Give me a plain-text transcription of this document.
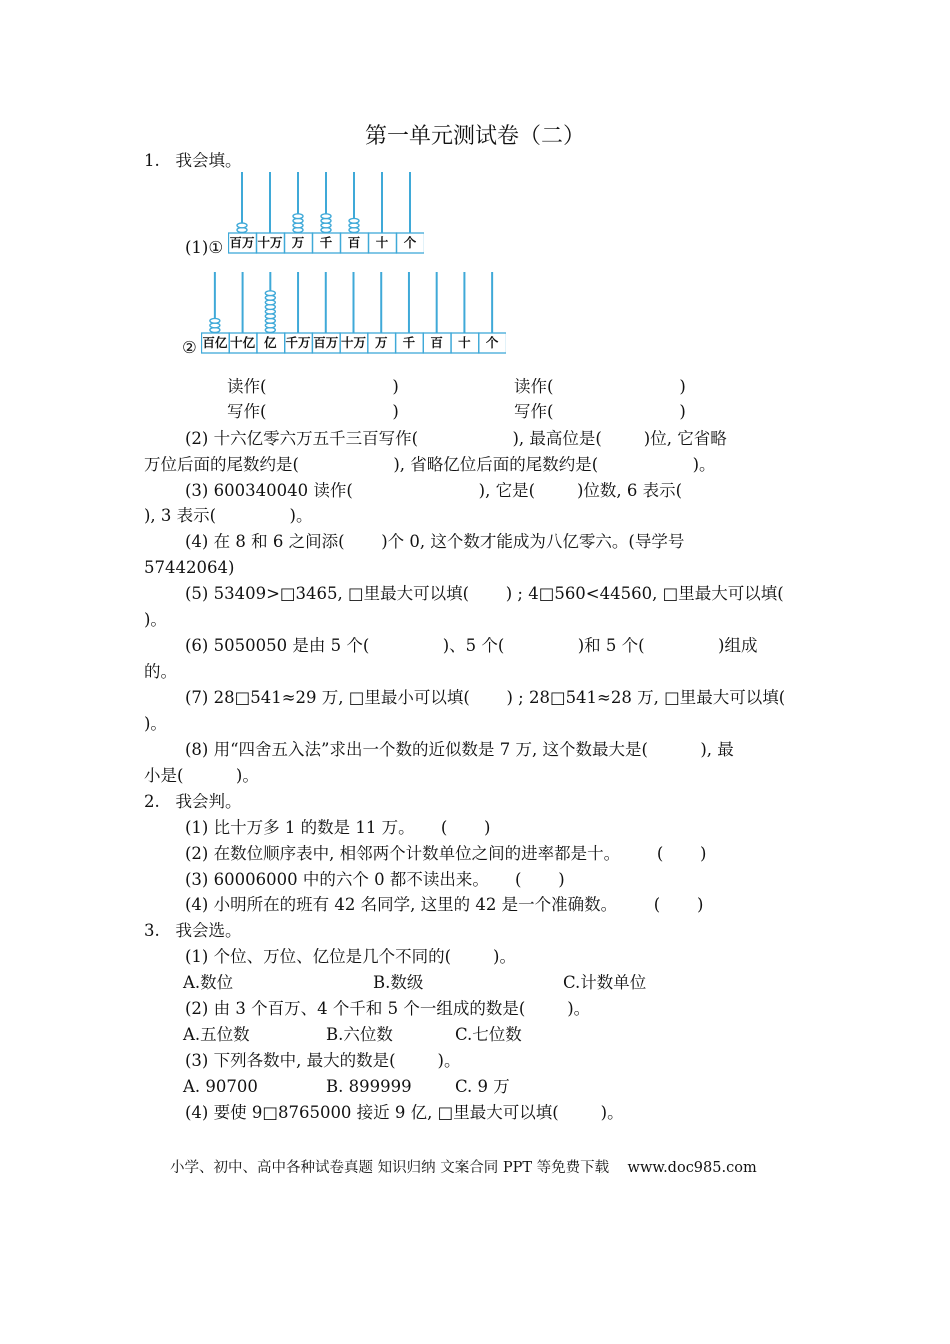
第一单元测试卷（二）
1.   我会填。
(1)①
②
百万 十万 万	千	百	十	个
百亿 十亿 亿 千万 百万 十万 万	千	百	十	个
读作(                        )
写作(                        )
读作(                        )
写作(                        )
(2) 十六亿零六万五千三百写作(                  ), 最高位是(        )位, 它省略
万位后面的尾数约是(                  ), 省略亿位后面的尾数约是(                  )。
(3) 600340040 读作(                        ), 它是(        )位数, 6 表示(
), 3 表示(              )。
(4) 在 8 和 6 之间添(       )个 0, 这个数才能成为八亿零六。(导学号
57442064)
(5) 53409>□3465, □里最大可以填(       ) ; 4□560<44560, □里最大可以填(
)。
(6) 5050050 是由 5 个(              )、5 个(              )和 5 个(              )组成
的。
(7) 28□541≈29 万, □里最小可以填(       ) ; 28□541≈28 万, □里最大可以填(
)。
(8) 用“四舍五入法”求出一个数的近似数是 7 万, 这个数最大是(          ), 最
小是(          )。
2.   我会判。
(1) 比十万多 1 的数是 11 万。     (       )
(2) 在数位顺序表中, 相邻两个计数单位之间的进率都是十。       (       )
(3) 60006000 中的六个 0 都不读出来。     (       )
(4) 小明所在的班有 42 名同学, 这里的 42 是一个准确数。       (       )
3.   我会选。
(1) 个位、万位、亿位是几个不同的(        )。
A.数位	B.数级	C.计数单位
(2) 由 3 个百万、4 个千和 5 个一组成的数是(        )。
A.五位数	B.六位数	C.七位数
(3) 下列各数中, 最大的数是(        )。
A. 90700	B. 899999	C. 9 万
(4) 要使 9□8765000 接近 9 亿, □里最大可以填(        )。
小学、初中、高中各种试卷真题 知识归纳 文案合同 PPT 等免费下载    www.doc985.com
